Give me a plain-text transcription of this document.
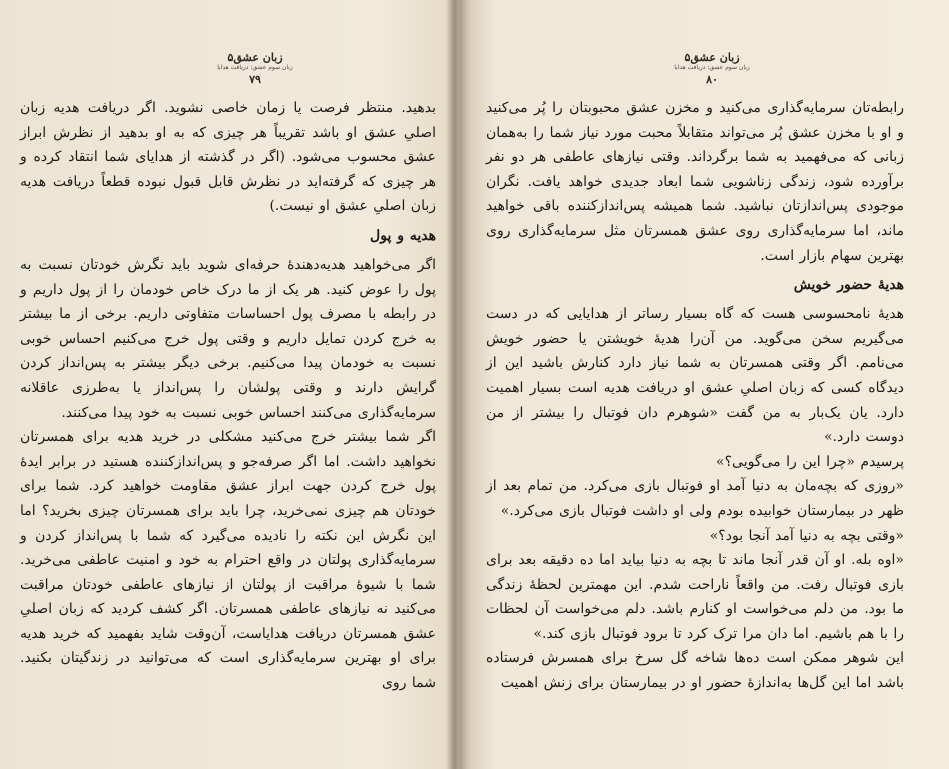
زبان عشق۵
زبان سوم عشق: دریافت هدایا
۷۹

بدهید. منتظر فرصت یا زمان خاصی نشوید. اگر دریافت هدیه زبان اصلیِ عشق او باشد تقریباً هر چیزی که به او بدهید از نظرش ابراز عشق محسوب می‌شود. (اگر در گذشته از هدایای شما انتقاد کرده و هر چیزی که گرفته‌اید در نظرش قابل قبول نبوده قطعاً دریافت هدیه زبان اصلیِ عشق او نیست.)

هدیه و پول

اگر می‌خواهید هدیه‌دهندهٔ حرفه‌ای شوید باید نگرش خودتان نسبت به پول را عوض کنید. هر یک از ما درک خاص خودمان را از پول داریم و در رابطه با مصرف پول احساسات متفاوتی داریم. برخی از ما بیشتر به خرج کردن تمایل داریم و وقتی پول خرج می‌کنیم احساس خوبی نسبت به خودمان پیدا می‌کنیم. برخی دیگر بیشتر به پس‌انداز کردن گرایش دارند و وقتی پولشان را پس‌انداز یا به‌طرزی عاقلانه سرمایه‌گذاری می‌کنند احساس خوبی نسبت به خود پیدا می‌کنند.

اگر شما بیشتر خرج می‌کنید مشکلی در خرید هدیه برای همسرتان نخواهید داشت. اما اگر صرفه‌جو و پس‌اندازکننده هستید در برابر ایدهٔ پول خرج کردن جهت ابراز عشق مقاومت خواهید کرد. شما برای خودتان هم چیزی نمی‌خرید، چرا باید برای همسرتان چیزی بخرید؟ اما این نگرش این نکته را نادیده می‌گیرد که شما با پس‌انداز کردن و سرمایه‌گذاری پولتان در واقع احترام به خود و امنیت عاطفی می‌خرید. شما با شیوهٔ مراقبت از پولتان از نیازهای عاطفی خودتان مراقبت می‌کنید نه نیازهای عاطفی همسرتان. اگر کشف کردید که زبان اصلیِ عشق همسرتان دریافت هدایاست، آن‌وقت شاید بفهمید که خرید هدیه برای او بهترین سرمایه‌گذاری است که می‌توانید در زندگیتان بکنید. شما روی

زبان عشق۵
زبان سوم عشق: دریافت هدایا
۸۰

رابطه‌تان سرمایه‌گذاری می‌کنید و مخزن عشق محبوبتان را پُر می‌کنید و او با مخزن عشق پُر می‌تواند متقابلاً محبت مورد نیاز شما را به‌همان زبانی که می‌فهمید به شما برگرداند. وقتی نیازهای عاطفی هر دو نفر برآورده شود، زندگی زناشویی شما ابعاد جدیدی خواهد یافت. نگران موجودی پس‌اندازتان نباشید. شما همیشه پس‌اندازکننده باقی خواهید ماند، اما سرمایه‌گذاری روی عشق همسرتان مثل سرمایه‌گذاری روی بهترین سهام بازار است.

هدیهٔ حضور خویش

هدیهٔ نامحسوسی هست که گاه بسیار رساتر از هدایایی که در دست می‌گیریم سخن می‌گوید. من آن‌را هدیهٔ خویشتن یا حضور خویش می‌نامم. اگر وقتی همسرتان به شما نیاز دارد کنارش باشید این از دیدگاه کسی که زبان اصلیِ عشق او دریافت هدیه است بسیار اهمیت دارد. یان یک‌بار به من گفت «شوهرم دان فوتبال را بیشتر از من دوست دارد.»

پرسیدم «چرا این را می‌گویی؟»

«روزی که بچه‌مان به دنیا آمد او فوتبال بازی می‌کرد. من تمام بعد از ظهر در بیمارستان خوابیده بودم ولی او داشت فوتبال بازی می‌کرد.»

«وقتی بچه به دنیا آمد آنجا بود؟»

«اوه بله. او آن قدر آنجا ماند تا بچه به دنیا بیاید اما ده دقیقه بعد برای بازی فوتبال رفت. من واقعاً ناراحت شدم. این مهمترین لحظهٔ زندگی ما بود. من دلم می‌خواست او کنارم باشد. دلم می‌خواست آن لحظات را با هم باشیم. اما دان مرا ترک کرد تا برود فوتبال بازی کند.»

این شوهر ممکن است ده‌ها شاخه گل سرخ برای همسرش فرستاده باشد اما این گل‌ها به‌اندازهٔ حضور او در بیمارستان برای زنش اهمیت
